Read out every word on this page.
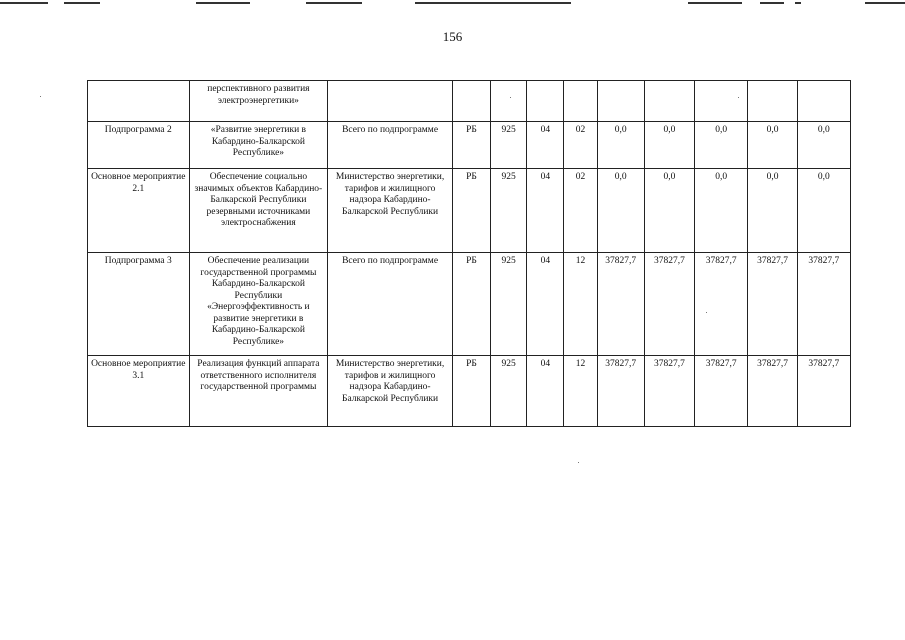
156
	перспективного развития электроэнергетики»										
Подпрограмма 2	«Развитие энергетики в Кабардино-Балкарской Республике»	Всего по подпрограмме	РБ	925	04	02	0,0	0,0	0,0	0,0	0,0
Основное мероприятие 2.1	Обеспечение социально значимых объектов Кабардино-Балкарской Республики резервными источниками электроснабжения	Министерство энергетики, тарифов и жилищного надзора Кабардино-Балкарской Республики	РБ	925	04	02	0,0	0,0	0,0	0,0	0,0
Подпрограмма 3	Обеспечение реализации государственной программы Кабардино-Балкарской Республики «Энергоэффективность и развитие энергетики в Кабардино-Балкарской Республике»	Всего по подпрограмме	РБ	925	04	12	37827,7	37827,7	37827,7	37827,7	37827,7
Основное мероприятие 3.1	Реализация функций аппарата ответственного исполнителя государственной программы	Министерство энергетики, тарифов и жилищного надзора Кабардино-Балкарской Республики	РБ	925	04	12	37827,7	37827,7	37827,7	37827,7	37827,7
